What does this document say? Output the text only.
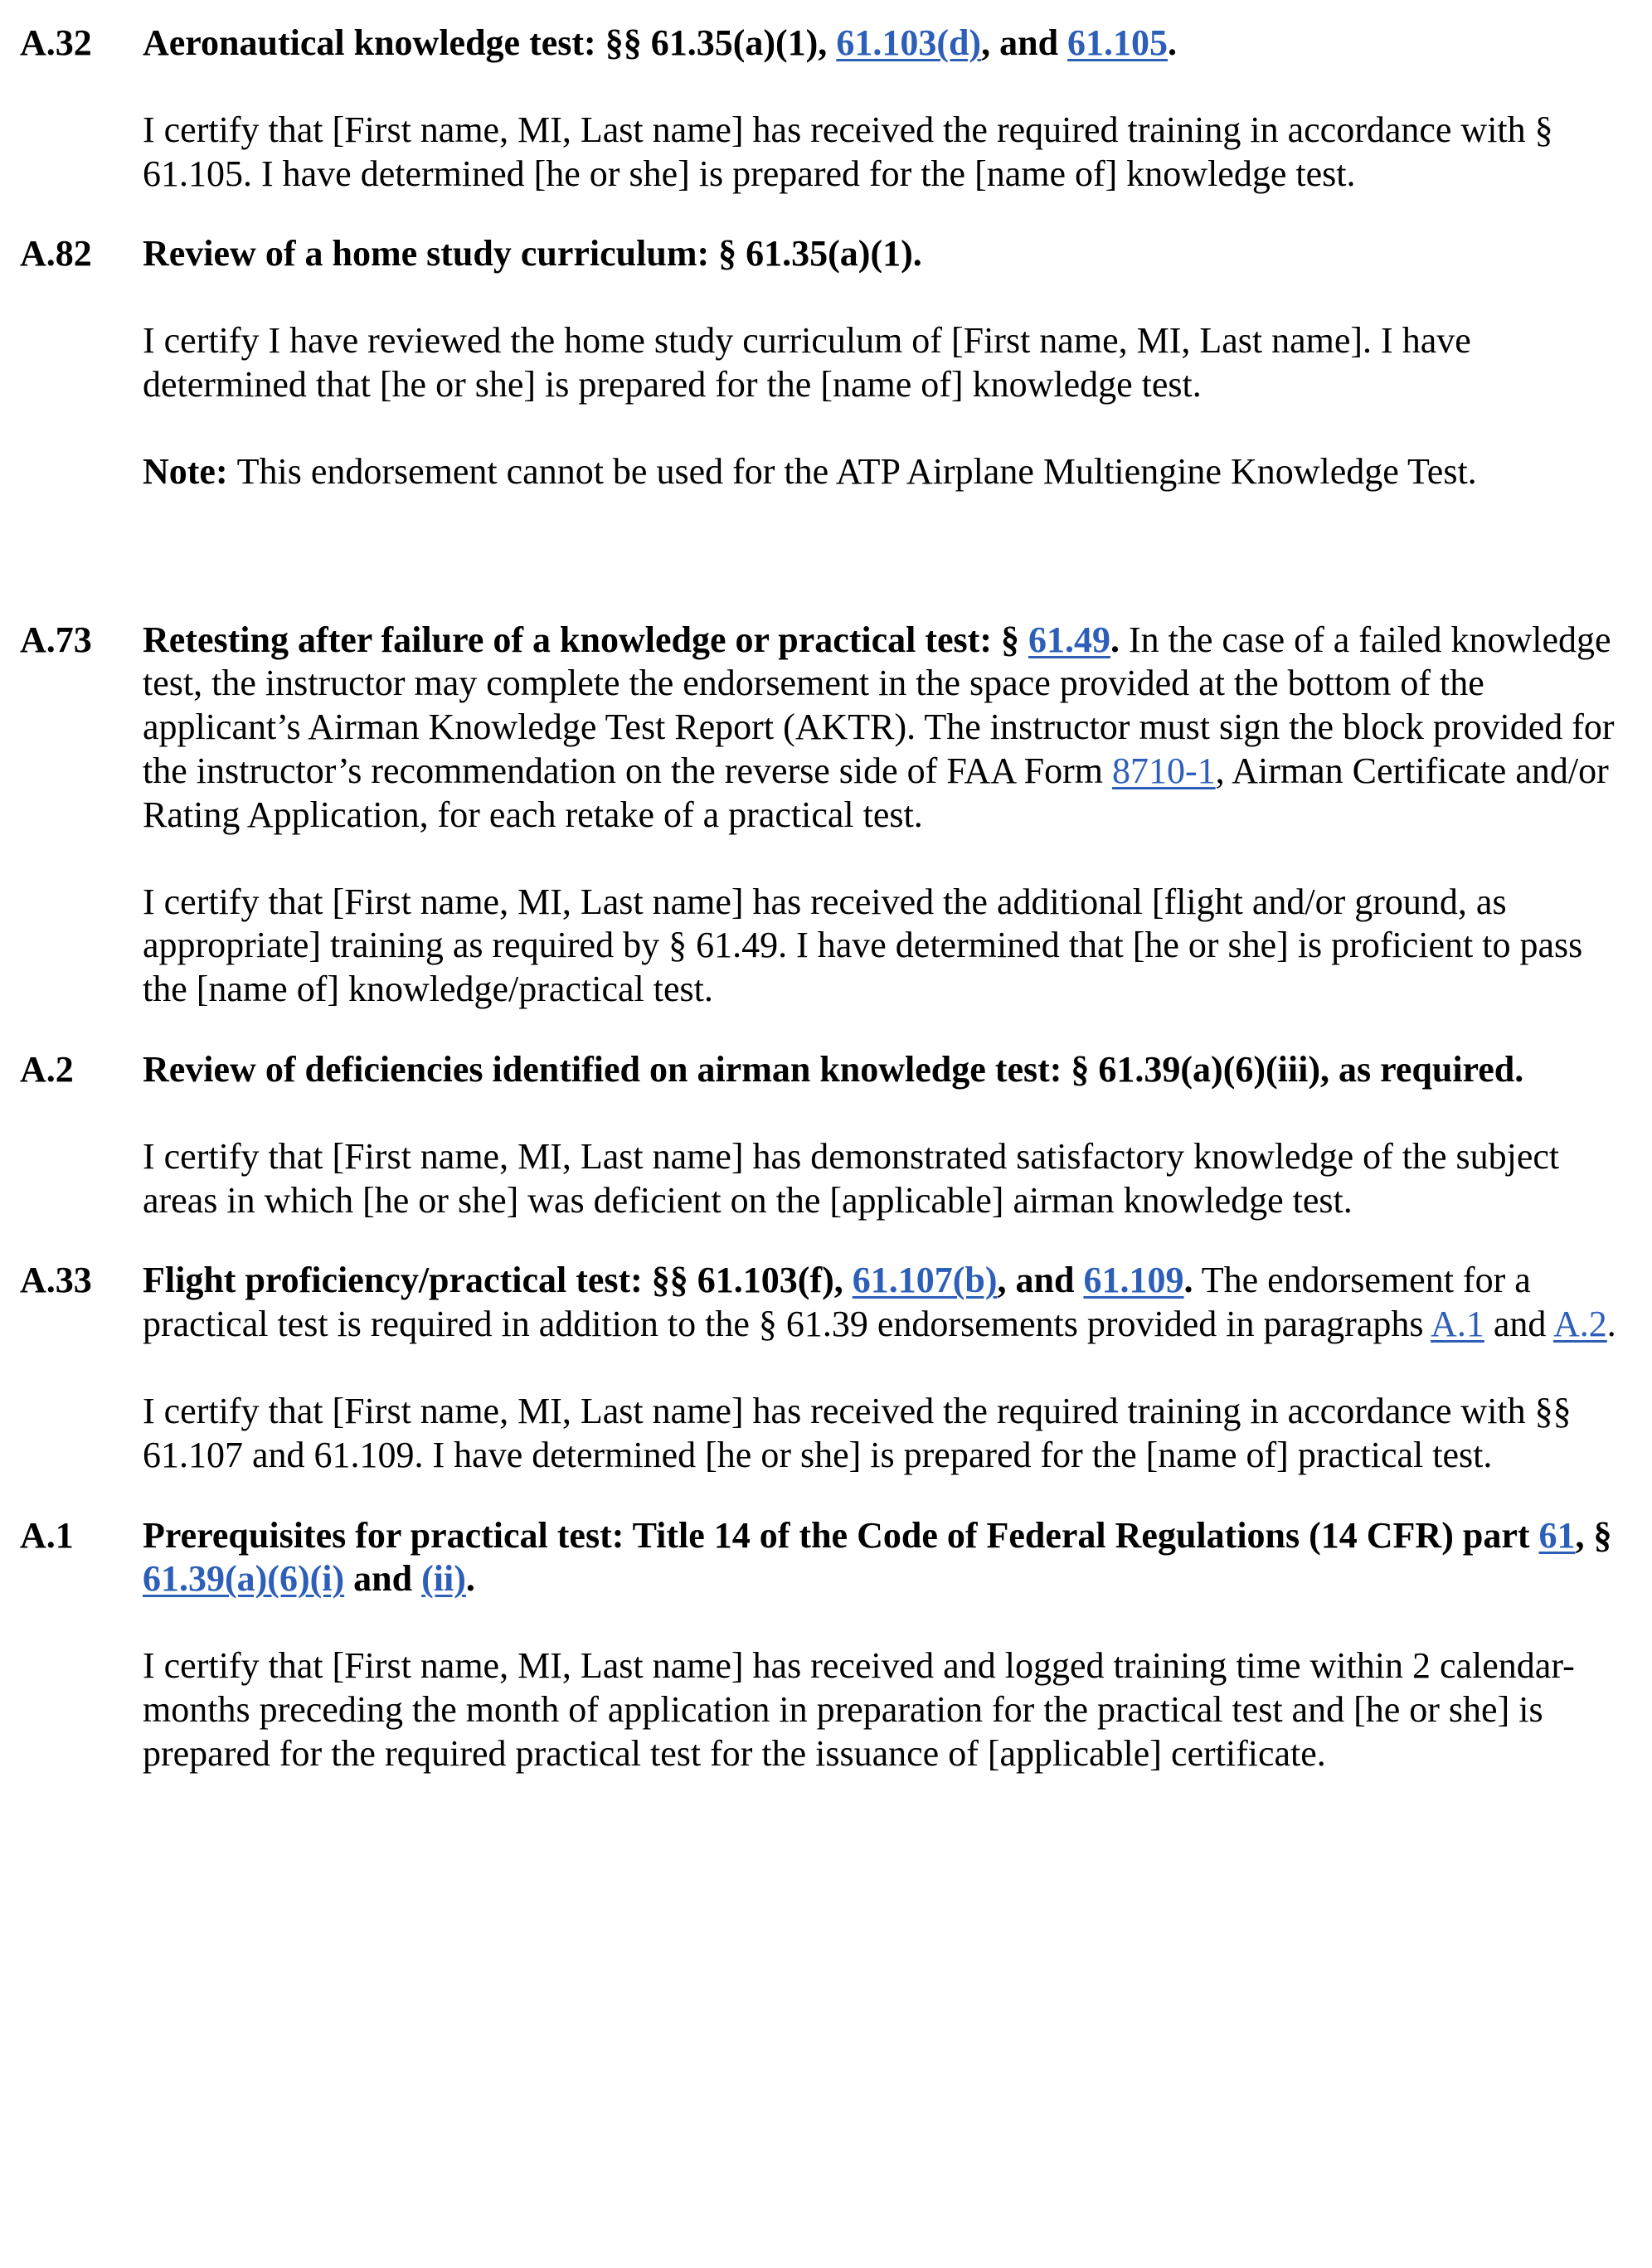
A.32	Aeronautical knowledge test: §§ 61.35(a)(1), 61.103(d), and 61.105.

I certify that [First name, MI, Last name] has received the required training in accordance with § 61.105. I have determined [he or she] is prepared for the [name of] knowledge test.

A.82	Review of a home study curriculum: § 61.35(a)(1).

I certify I have reviewed the home study curriculum of [First name, MI, Last name]. I have determined that [he or she] is prepared for the [name of] knowledge test.

Note: This endorsement cannot be used for the ATP Airplane Multiengine Knowledge Test.

A.73	Retesting after failure of a knowledge or practical test: § 61.49. In the case of a failed knowledge test, the instructor may complete the endorsement in the space provided at the bottom of the applicant’s Airman Knowledge Test Report (AKTR). The instructor must sign the block provided for the instructor’s recommendation on the reverse side of FAA Form 8710-1, Airman Certificate and/or Rating Application, for each retake of a practical test.

I certify that [First name, MI, Last name] has received the additional [flight and/or ground, as appropriate] training as required by § 61.49. I have determined that [he or she] is proficient to pass the [name of] knowledge/practical test.

A.2	Review of deficiencies identified on airman knowledge test: § 61.39(a)(6)(iii), as required.

I certify that [First name, MI, Last name] has demonstrated satisfactory knowledge of the subject areas in which [he or she] was deficient on the [applicable] airman knowledge test.

A.33	Flight proficiency/practical test: §§ 61.103(f), 61.107(b), and 61.109. The endorsement for a practical test is required in addition to the § 61.39 endorsements provided in paragraphs A.1 and A.2.

I certify that [First name, MI, Last name] has received the required training in accordance with §§ 61.107 and 61.109. I have determined [he or she] is prepared for the [name of] practical test.

A.1	Prerequisites for practical test: Title 14 of the Code of Federal Regulations (14 CFR) part 61, § 61.39(a)(6)(i) and (ii).

I certify that [First name, MI, Last name] has received and logged training time within 2 calendar-months preceding the month of application in preparation for the practical test and [he or she] is prepared for the required practical test for the issuance of [applicable] certificate.
